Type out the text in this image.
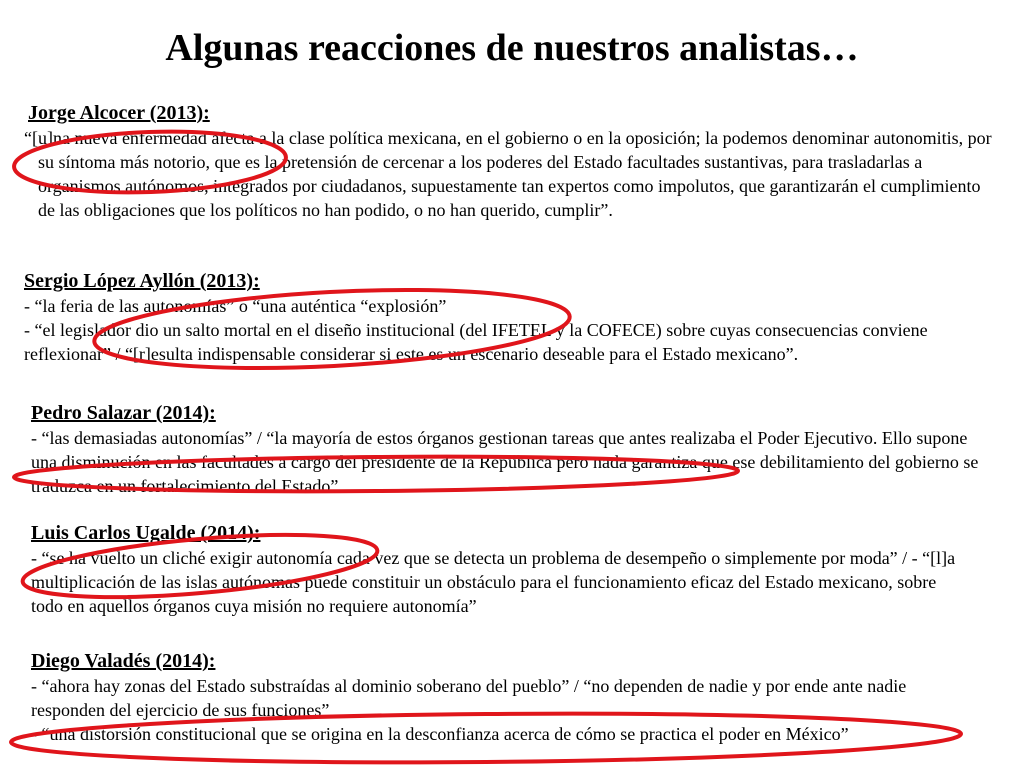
Algunas reacciones de nuestros analistas…
Jorge Alcocer (2013):

“[u]na nueva enfermedad afecta a la clase política mexicana, en el gobierno o en la oposición; la podemos denominar autonomitis, por su síntoma más notorio, que es la pretensión de cercenar a los poderes del Estado facultades sustantivas, para trasladarlas a organismos autónomos, integrados por ciudadanos, supuestamente tan expertos como impolutos, que garantizarán el cumplimiento de las obligaciones que los políticos no han podido, o no han querido, cumplir”.

Sergio López Ayllón (2013):

- “la feria de las autonomías” o “una auténtica “explosión”

- “el legislador dio un salto mortal en el diseño institucional (del IFETEL y la COFECE) sobre cuyas consecuencias conviene reflexionar” / “[r]esulta indispensable considerar si este es un escenario deseable para el Estado mexicano”.

Pedro Salazar (2014):

- “las demasiadas autonomías” / “la mayoría de estos órganos gestionan tareas que antes realizaba el Poder Ejecutivo. Ello supone una disminución en las facultades a cargo del presidente de la República pero nada garantiza que ese debilitamiento del gobierno se traduzca en un fortalecimiento del Estado”.

Luis Carlos Ugalde (2014):

- “se ha vuelto un cliché exigir autonomía cada vez que se detecta un problema de desempeño o simplemente por moda” / - “[l]a multiplicación de las islas autónomas puede constituir un obstáculo para el funcionamiento eficaz del Estado mexicano, sobre todo en aquellos órganos cuya misión no requiere autonomía”

Diego Valadés (2014):

- “ahora hay zonas del Estado substraídas al dominio soberano del pueblo” / “no dependen de nadie y por ende ante nadie responden del ejercicio de sus funciones”

- “una distorsión constitucional que se origina en la desconfianza acerca de cómo se practica el poder en México”
